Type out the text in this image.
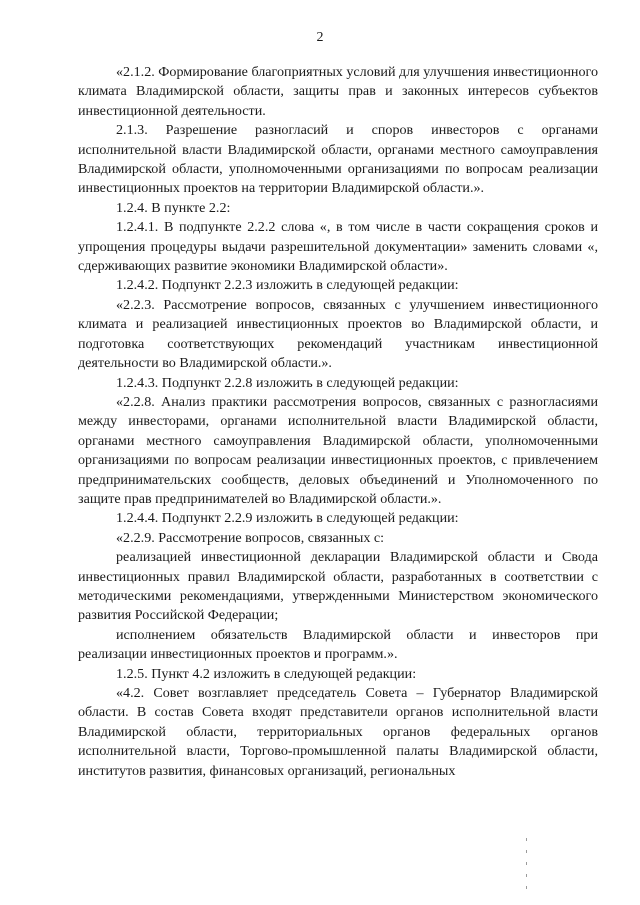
2

«2.1.2. Формирование благоприятных условий для улучшения инвестиционного климата Владимирской области, защиты прав и законных интересов субъектов инвестиционной деятельности.

2.1.3. Разрешение разногласий и споров инвесторов с органами исполнительной власти Владимирской области, органами местного самоуправления Владимирской области, уполномоченными организациями по вопросам реализации инвестиционных проектов на территории Владимирской области.».

1.2.4. В пункте 2.2:

1.2.4.1. В подпункте 2.2.2 слова «, в том числе в части сокращения сроков и упрощения процедуры выдачи разрешительной документации» заменить словами «, сдерживающих развитие экономики Владимирской области».

1.2.4.2. Подпункт 2.2.3 изложить в следующей редакции:

«2.2.3. Рассмотрение вопросов, связанных с улучшением инвестиционного климата и реализацией инвестиционных проектов во Владимирской области, и подготовка соответствующих рекомендаций участникам инвестиционной деятельности во Владимирской области.».

1.2.4.3. Подпункт 2.2.8 изложить в следующей редакции:

«2.2.8. Анализ практики рассмотрения вопросов, связанных с разногласиями между инвесторами, органами исполнительной власти Владимирской области, органами местного самоуправления Владимирской области, уполномоченными организациями по вопросам реализации инвестиционных проектов, с привлечением предпринимательских сообществ, деловых объединений и Уполномоченного по защите прав предпринимателей во Владимирской области.».

1.2.4.4. Подпункт 2.2.9 изложить в следующей редакции:

«2.2.9. Рассмотрение вопросов, связанных с:

реализацией инвестиционной декларации Владимирской области и Свода инвестиционных правил Владимирской области, разработанных в соответствии с методическими рекомендациями, утвержденными Министерством экономического развития Российской Федерации;

исполнением обязательств Владимирской области и инвесторов при реализации инвестиционных проектов и программ.».

1.2.5. Пункт 4.2 изложить в следующей редакции:

«4.2. Совет возглавляет председатель Совета – Губернатор Владимирской области. В состав Совета входят представители органов исполнительной власти Владимирской области, территориальных органов федеральных органов исполнительной власти, Торгово-промышленной палаты Владимирской области, институтов развития, финансовых организаций, региональных
